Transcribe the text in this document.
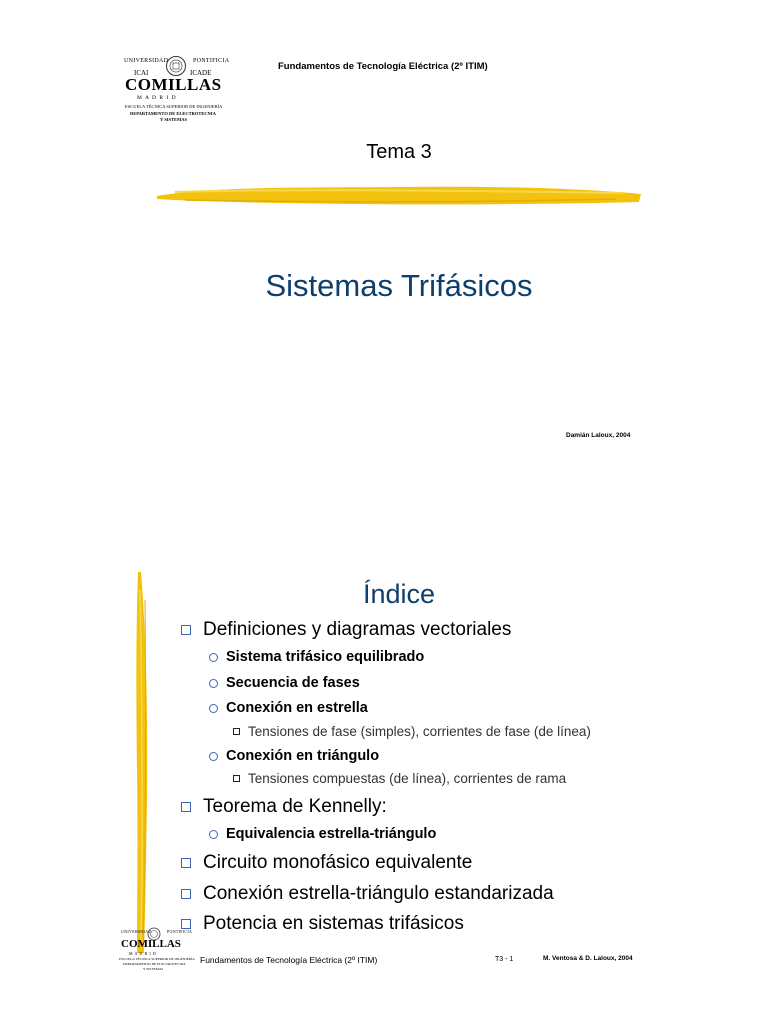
UNIVERSIDAD	PONTIFICIA
ICAI	ICADE
COMILLAS
M A D R I D
ESCUELA TÉCNICA SUPERIOR DE INGENIERÍA
DEPARTAMENTO DE ELECTROTECNIA
Y SISTEMAS
Fundamentos de Tecnología Eléctrica (2º ITIM)
Tema 3
Sistemas Trifásicos
Damián Laloux, 2004
Índice
Definiciones y diagramas vectoriales
Sistema trifásico equilibrado
Secuencia de fases
Conexión en estrella
Tensiones de fase (simples), corrientes de fase (de línea)
Conexión en triángulo
Tensiones compuestas (de línea), corrientes de rama
Teorema de Kennelly:
Equivalencia estrella-triángulo
Circuito monofásico equivalente
Conexión estrella-triángulo estandarizada
Potencia en sistemas trifásicos
UNIVERSIDAD	PONTIFICIA
COMILLAS
M A D R I D
ESCUELA TÉCNICA SUPERIOR DE INGENIERÍA
DEPARTAMENTO DE ELECTROTECNIA
Y SISTEMAS
Fundamentos de Tecnología Eléctrica (2º ITIM)	T3 - 1	M. Ventosa & D. Laloux, 2004
